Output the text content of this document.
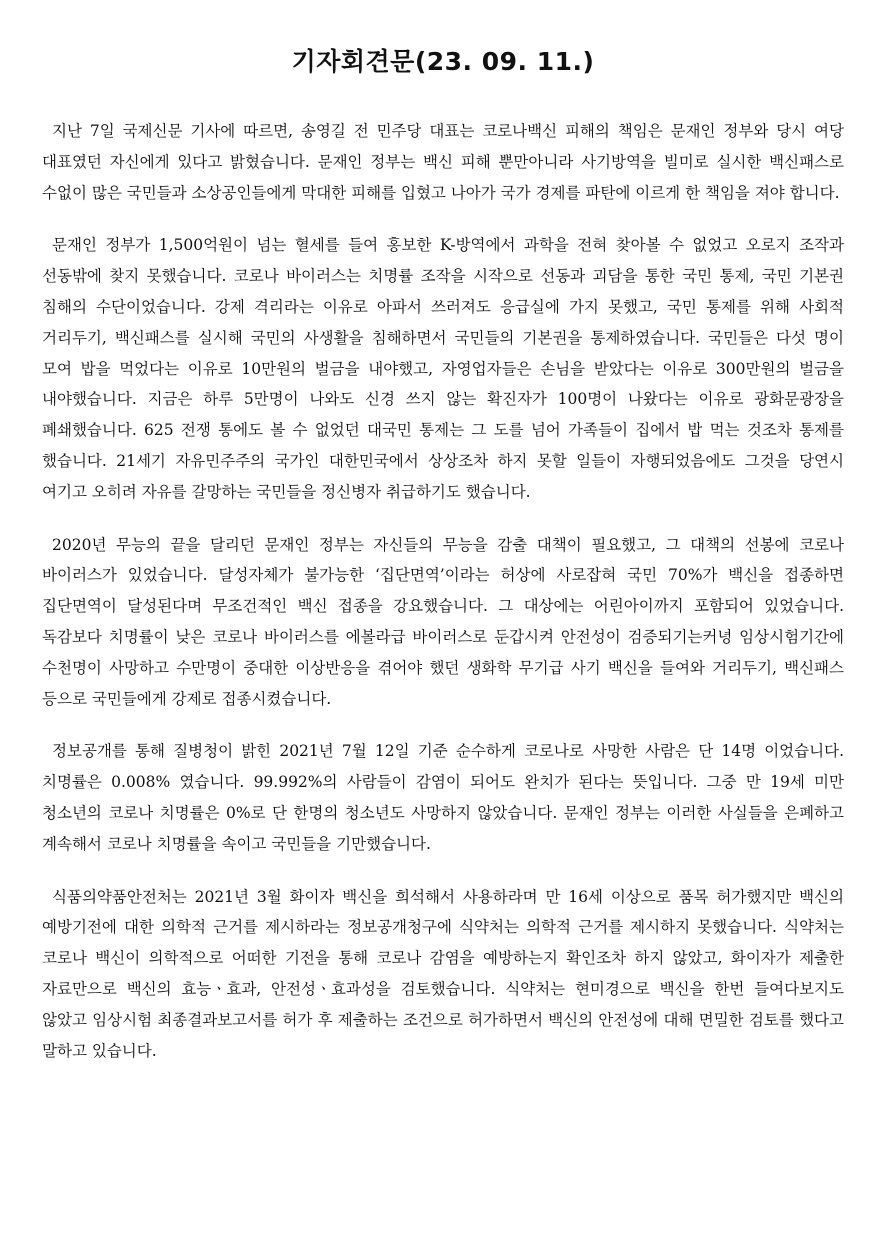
기자회견문(23. 09. 11.)

지난 7일 국제신문 기사에 따르면, 송영길 전 민주당 대표는 코로나백신 피해의 책임은 문재인 정부와 당시 여당 대표였던 자신에게 있다고 밝혔습니다. 문재인 정부는 백신 피해 뿐만아니라 사기방역을 빌미로 실시한 백신패스로 수없이 많은 국민들과 소상공인들에게 막대한 피해를 입혔고 나아가 국가 경제를 파탄에 이르게 한 책임을 져야 합니다.

문재인 정부가 1,500억원이 넘는 혈세를 들여 홍보한 K-방역에서 과학을 전혀 찾아볼 수 없었고 오로지 조작과 선동밖에 찾지 못했습니다. 코로나 바이러스는 치명률 조작을 시작으로 선동과 괴담을 통한 국민 통제, 국민 기본권 침해의 수단이었습니다. 강제 격리라는 이유로 아파서 쓰러져도 응급실에 가지 못했고, 국민 통제를 위해 사회적 거리두기, 백신패스를 실시해 국민의 사생활을 침해하면서 국민들의 기본권을 통제하였습니다. 국민들은 다섯 명이 모여 밥을 먹었다는 이유로 10만원의 벌금을 내야했고, 자영업자들은 손님을 받았다는 이유로 300만원의 벌금을 내야했습니다. 지금은 하루 5만명이 나와도 신경 쓰지 않는 확진자가 100명이 나왔다는 이유로 광화문광장을 폐쇄했습니다. 625 전쟁 통에도 볼 수 없었던 대국민 통제는 그 도를 넘어 가족들이 집에서 밥 먹는 것조차 통제를 했습니다. 21세기 자유민주주의 국가인 대한민국에서 상상조차 하지 못할 일들이 자행되었음에도 그것을 당연시 여기고 오히려 자유를 갈망하는 국민들을 정신병자 취급하기도 했습니다.

2020년 무능의 끝을 달리던 문재인 정부는 자신들의 무능을 감출 대책이 필요했고, 그 대책의 선봉에 코로나 바이러스가 있었습니다. 달성자체가 불가능한 ‘집단면역’이라는 허상에 사로잡혀 국민 70%가 백신을 접종하면 집단면역이 달성된다며 무조건적인 백신 접종을 강요했습니다. 그 대상에는 어린아이까지 포함되어 있었습니다. 독감보다 치명률이 낮은 코로나 바이러스를 에볼라급 바이러스로 둔갑시켜 안전성이 검증되기는커녕 임상시험기간에 수천명이 사망하고 수만명이 중대한 이상반응을 겪어야 했던 생화학 무기급 사기 백신을 들여와 거리두기, 백신패스 등으로 국민들에게 강제로 접종시켰습니다.

정보공개를 통해 질병청이 밝힌 2021년 7월 12일 기준 순수하게 코로나로 사망한 사람은 단 14명 이었습니다. 치명률은 0.008% 였습니다. 99.992%의 사람들이 감염이 되어도 완치가 된다는 뜻입니다. 그중 만 19세 미만 청소년의 코로나 치명률은 0%로 단 한명의 청소년도 사망하지 않았습니다. 문재인 정부는 이러한 사실들을 은폐하고 계속해서 코로나 치명률을 속이고 국민들을 기만했습니다.

식품의약품안전처는 2021년 3월 화이자 백신을 희석해서 사용하라며 만 16세 이상으로 품목 허가했지만 백신의 예방기전에 대한 의학적 근거를 제시하라는 정보공개청구에 식약처는 의학적 근거를 제시하지 못했습니다. 식약처는 코로나 백신이 의학적으로 어떠한 기전을 통해 코로나 감염을 예방하는지 확인조차 하지 않았고, 화이자가 제출한 자료만으로 백신의 효능ㆍ효과, 안전성ㆍ효과성을 검토했습니다. 식약처는 현미경으로 백신을 한번 들여다보지도 않았고 임상시험 최종결과보고서를 허가 후 제출하는 조건으로 허가하면서 백신의 안전성에 대해 면밀한 검토를 했다고 말하고 있습니다.
